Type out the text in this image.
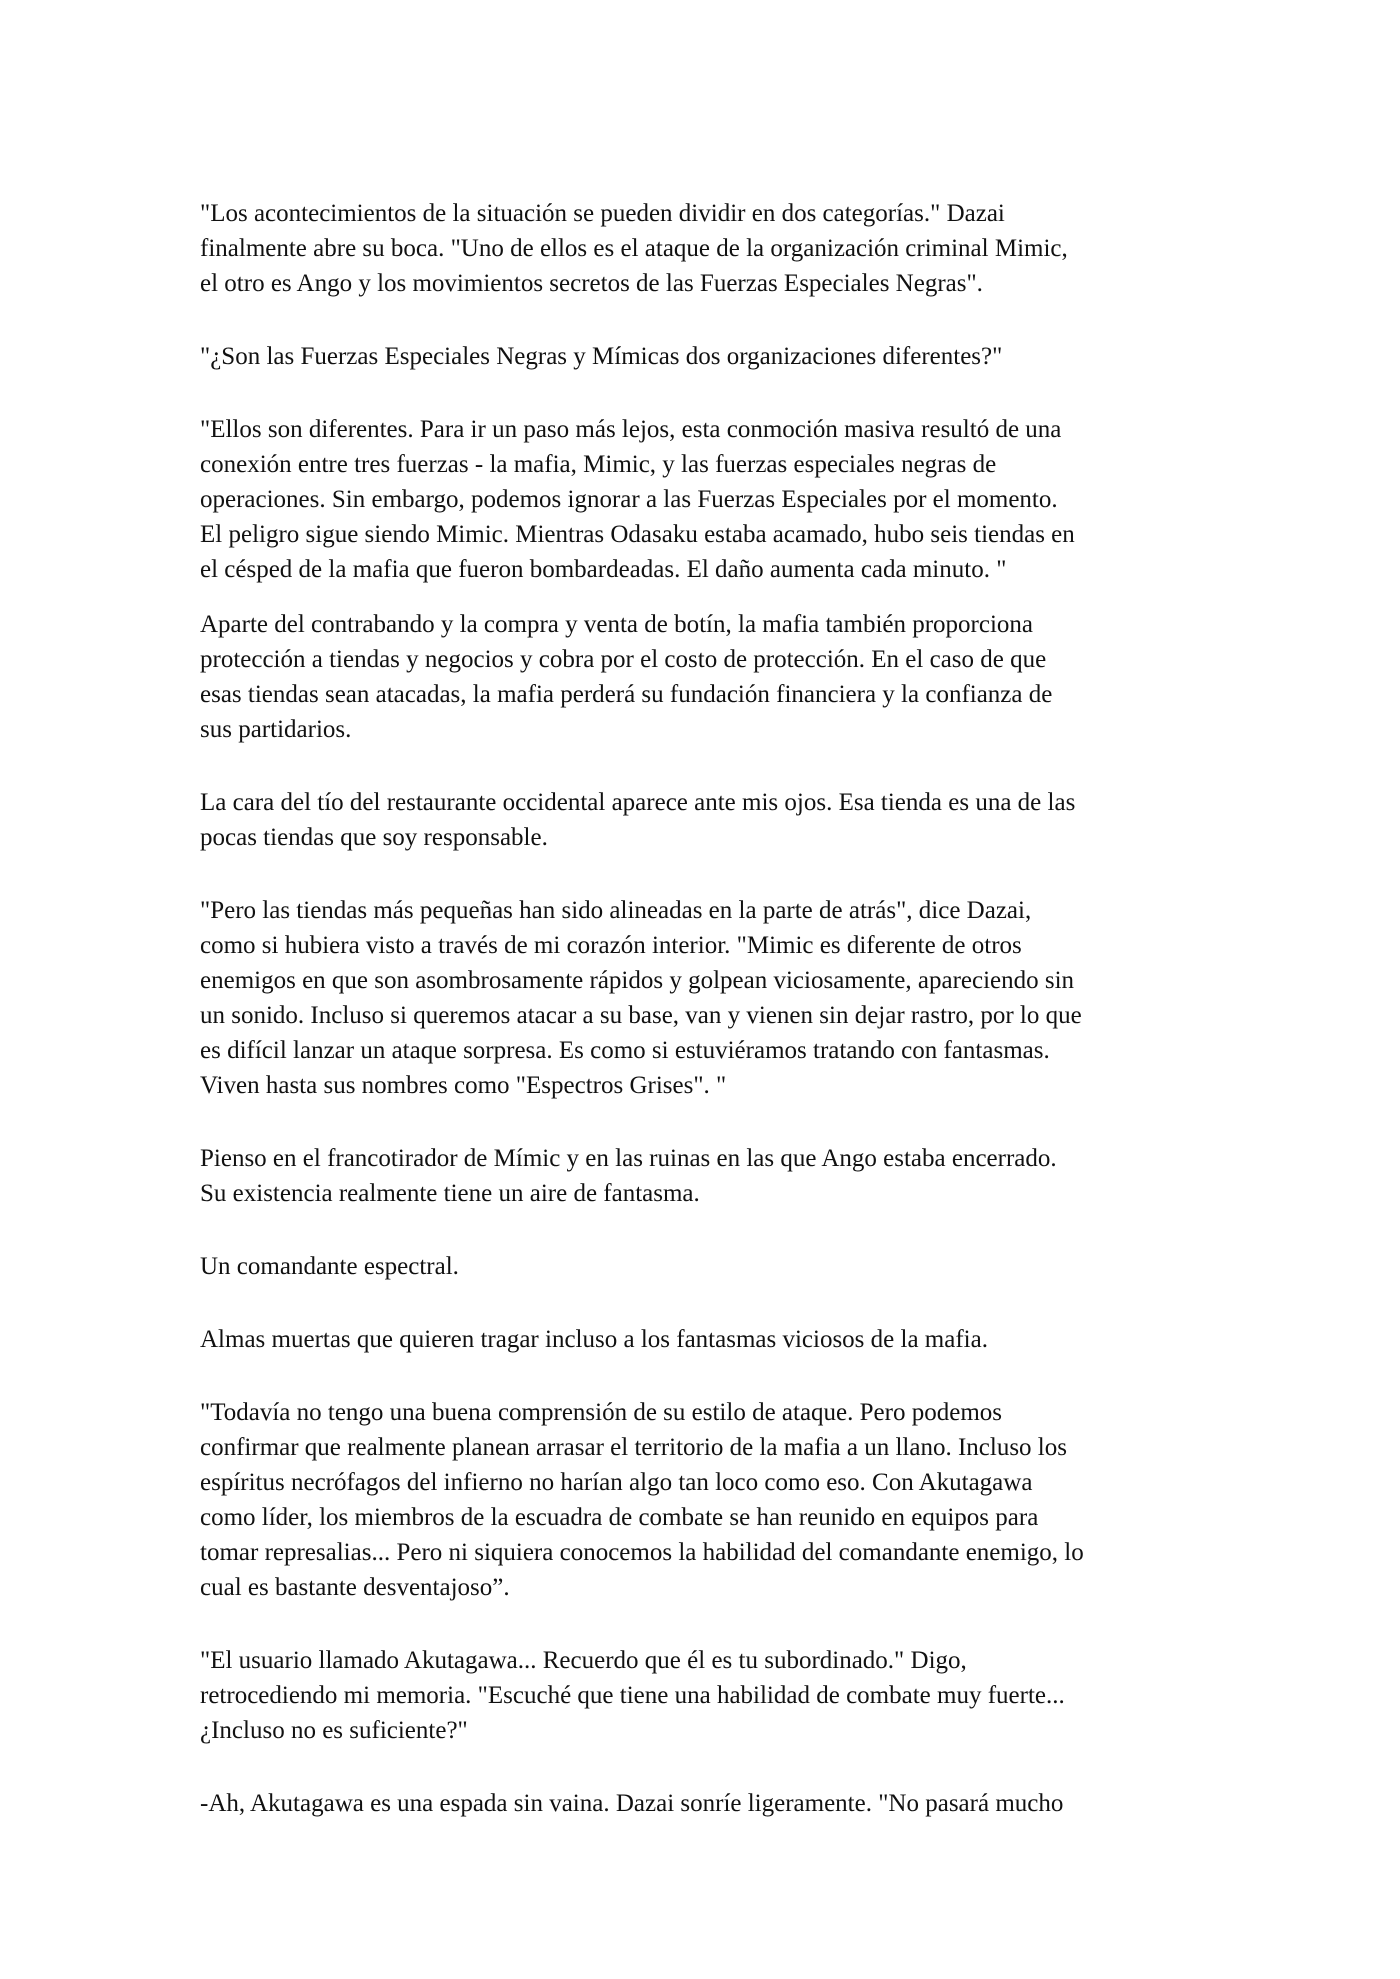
"Los acontecimientos de la situación se pueden dividir en dos categorías." Dazai
finalmente abre su boca. "Uno de ellos es el ataque de la organización criminal Mimic,
el otro es Ango y los movimientos secretos de las Fuerzas Especiales Negras".

"¿Son las Fuerzas Especiales Negras y Mímicas dos organizaciones diferentes?"

"Ellos son diferentes. Para ir un paso más lejos, esta conmoción masiva resultó de una
conexión entre tres fuerzas - la mafia, Mimic, y las fuerzas especiales negras de
operaciones. Sin embargo, podemos ignorar a las Fuerzas Especiales por el momento.
El peligro sigue siendo Mimic. Mientras Odasaku estaba acamado, hubo seis tiendas en
el césped de la mafia que fueron bombardeadas. El daño aumenta cada minuto. "

Aparte del contrabando y la compra y venta de botín, la mafia también proporciona
protección a tiendas y negocios y cobra por el costo de protección. En el caso de que
esas tiendas sean atacadas, la mafia perderá su fundación financiera y la confianza de
sus partidarios.

La cara del tío del restaurante occidental aparece ante mis ojos. Esa tienda es una de las
pocas tiendas que soy responsable.

"Pero las tiendas más pequeñas han sido alineadas en la parte de atrás", dice Dazai,
como si hubiera visto a través de mi corazón interior. "Mimic es diferente de otros
enemigos en que son asombrosamente rápidos y golpean viciosamente, apareciendo sin
un sonido. Incluso si queremos atacar a su base, van y vienen sin dejar rastro, por lo que
es difícil lanzar un ataque sorpresa. Es como si estuviéramos tratando con fantasmas.
Viven hasta sus nombres como "Espectros Grises". "

Pienso en el francotirador de Mímic y en las ruinas en las que Ango estaba encerrado.
Su existencia realmente tiene un aire de fantasma.

Un comandante espectral.

Almas muertas que quieren tragar incluso a los fantasmas viciosos de la mafia.

"Todavía no tengo una buena comprensión de su estilo de ataque. Pero podemos
confirmar que realmente planean arrasar el territorio de la mafia a un llano. Incluso los
espíritus necrófagos del infierno no harían algo tan loco como eso. Con Akutagawa
como líder, los miembros de la escuadra de combate se han reunido en equipos para
tomar represalias... Pero ni siquiera conocemos la habilidad del comandante enemigo, lo
cual es bastante desventajoso”.

"El usuario llamado Akutagawa... Recuerdo que él es tu subordinado." Digo,
retrocediendo mi memoria. "Escuché que tiene una habilidad de combate muy fuerte...
¿Incluso no es suficiente?"

-Ah, Akutagawa es una espada sin vaina. Dazai sonríe ligeramente. "No pasará mucho
